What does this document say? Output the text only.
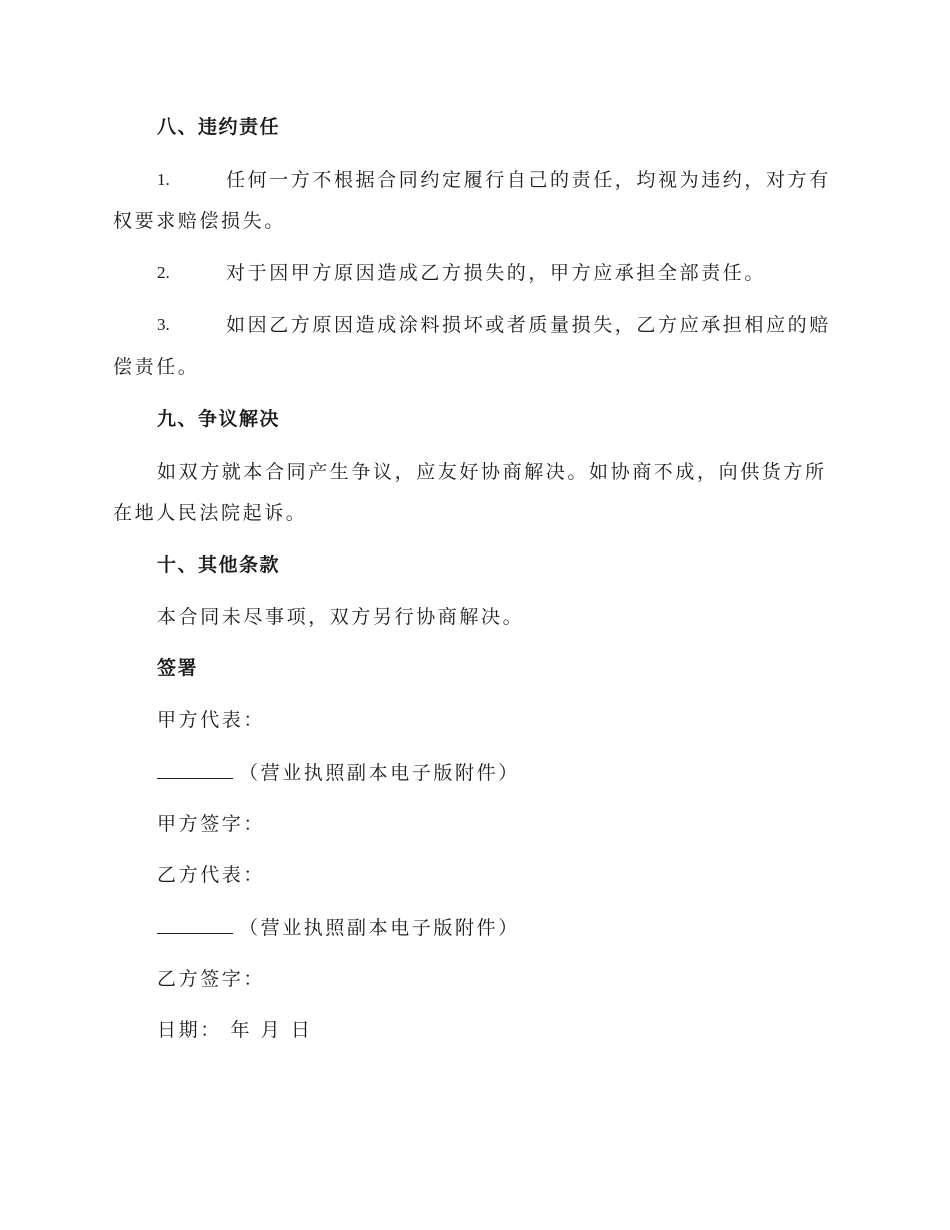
八、违约责任
1.	任何一方不根据合同约定履行自己的责任，均视为违约，对方有
权要求赔偿损失。
2.	对于因甲方原因造成乙方损失的，甲方应承担全部责任。
3.	如因乙方原因造成涂料损坏或者质量损失，乙方应承担相应的赔
偿责任。
九、争议解决
如双方就本合同产生争议，应友好协商解决。如协商不成，向供货方所
在地人民法院起诉。
十、其他条款
本合同未尽事项，双方另行协商解决。
签署
甲方代表：
（营业执照副本电子版附件）
甲方签字：
乙方代表：
（营业执照副本电子版附件）
乙方签字：
日期： 年 月 日
